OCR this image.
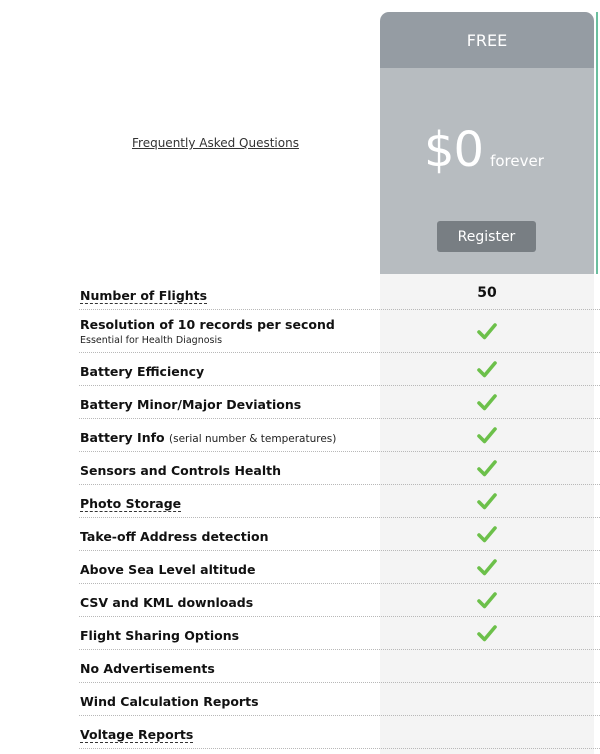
Frequently Asked Questions
FREE
$0 forever
Register
Number of Flights	50
Resolution of 10 records per second
Essential for Health Diagnosis
Battery Efficiency
Battery Minor/Major Deviations
Battery Info (serial number & temperatures)
Sensors and Controls Health
Photo Storage
Take-off Address detection
Above Sea Level altitude
CSV and KML downloads
Flight Sharing Options
No Advertisements
Wind Calculation Reports
Voltage Reports
